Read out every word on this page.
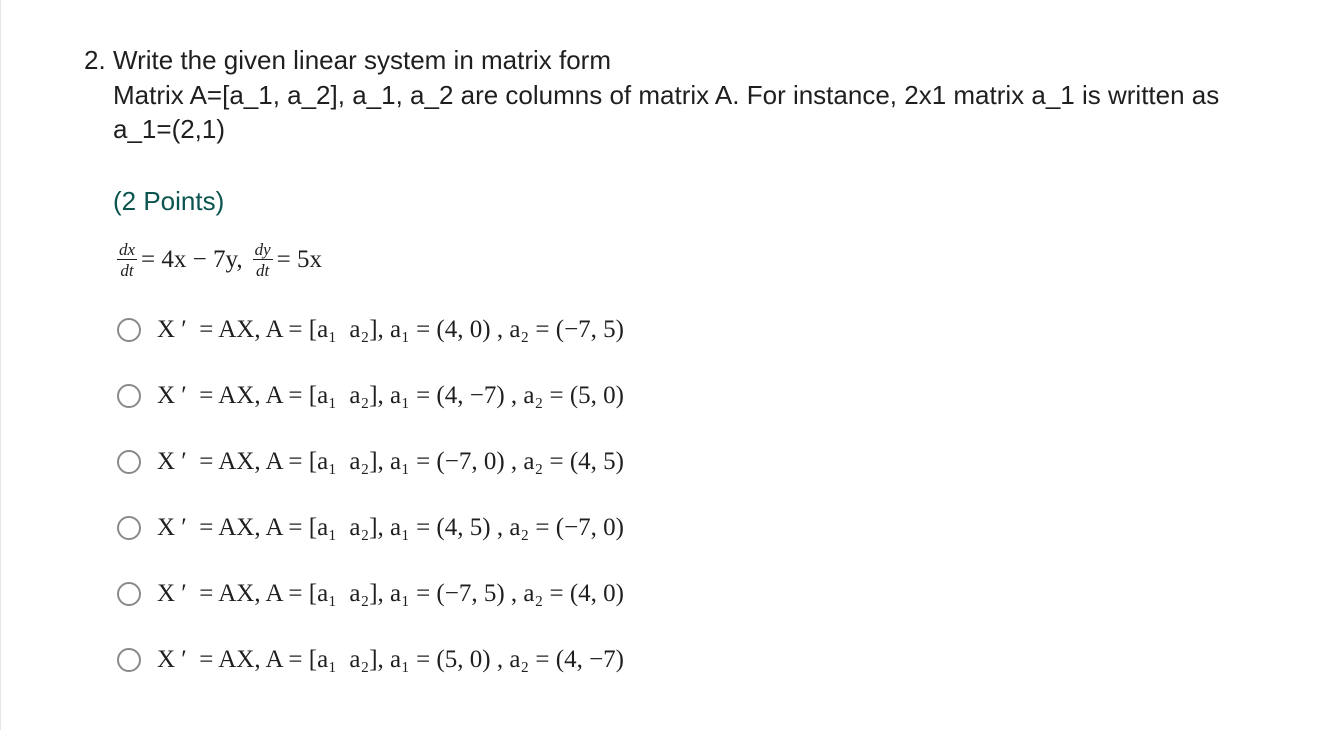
2. Write the given linear system in matrix form
Matrix A=[a_1, a_2], a_1, a_2 are columns of matrix A. For instance, 2x1 matrix a_1 is written as a_1=(2,1)
(2 Points)
$\frac{dx}{dt} = 4x - 7y$, $\frac{dy}{dt} = 5x$
X ′  = AX, A = [a₁  a₂], a₁ = (4, 0) , a₂ = (−7, 5)
X ′  = AX, A = [a₁  a₂], a₁ = (4, −7) , a₂ = (5, 0)
X ′  = AX, A = [a₁  a₂], a₁ = (−7, 0) , a₂ = (4, 5)
X ′  = AX, A = [a₁  a₂], a₁ = (4, 5) , a₂ = (−7, 0)
X ′  = AX, A = [a₁  a₂], a₁ = (−7, 5) , a₂ = (4, 0)
X ′  = AX, A = [a₁  a₂], a₁ = (5, 0) , a₂ = (4, −7)
